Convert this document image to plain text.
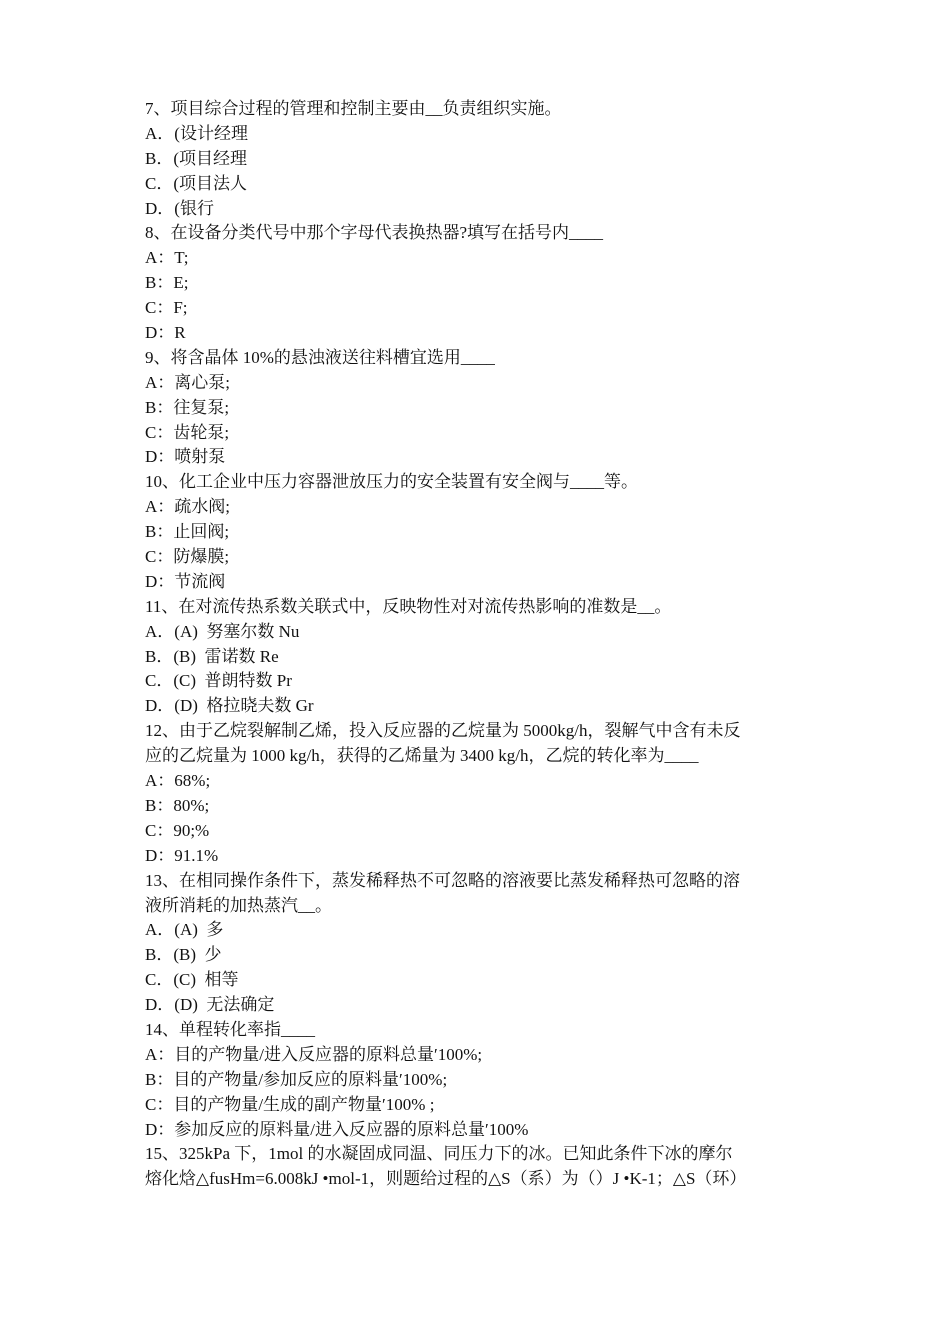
7、项目综合过程的管理和控制主要由__负责组织实施。
A．(设计经理
B．(项目经理
C．(项目法人
D．(银行
8、在设备分类代号中那个字母代表换热器?填写在括号内____
A：T;
B：E;
C：F;
D：R
9、将含晶体 10%的悬浊液送往料槽宜选用____
A：离心泵;
B：往复泵;
C：齿轮泵;
D：喷射泵
10、化工企业中压力容器泄放压力的安全装置有安全阀与____等。
A：疏水阀;
B：止回阀;
C：防爆膜;
D：节流阀
11、在对流传热系数关联式中，反映物性对对流传热影响的准数是__。
A．(A)  努塞尔数 Nu
B．(B)  雷诺数 Re
C．(C)  普朗特数 Pr
D．(D)  格拉晓夫数 Gr
12、由于乙烷裂解制乙烯，投入反应器的乙烷量为 5000kg/h，裂解气中含有未反
应的乙烷量为 1000 kg/h，获得的乙烯量为 3400 kg/h，乙烷的转化率为____
A：68%;
B：80%;
C：90;%
D：91.1%
13、在相同操作条件下，蒸发稀释热不可忽略的溶液要比蒸发稀释热可忽略的溶
液所消耗的加热蒸汽__。
A．(A)  多
B．(B)  少
C．(C)  相等
D．(D)  无法确定
14、单程转化率指____
A：目的产物量/进入反应器的原料总量′100%;
B：目的产物量/参加反应的原料量′100%;
C：目的产物量/生成的副产物量′100% ;
D：参加反应的原料量/进入反应器的原料总量′100%
15、325kPa 下，1mol 的水凝固成同温、同压力下的冰。已知此条件下冰的摩尔
熔化焓△fusHm=6.008kJ •mol-1，则题给过程的△S（系）为（）J •K-1；△S（环）
